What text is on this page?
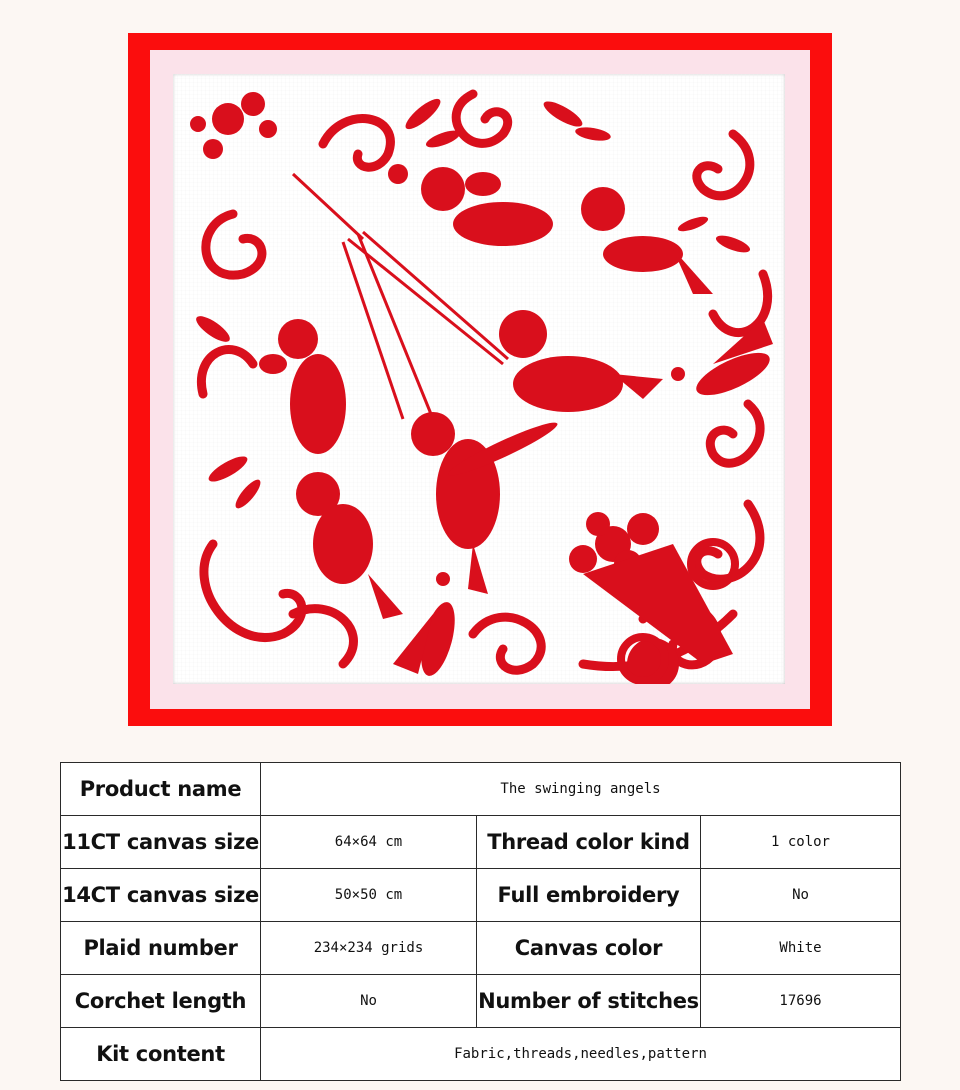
Product name	The swinging angels		
11CT canvas size	64×64 cm	Thread color kind	1 color
14CT canvas size	50×50 cm	Full embroidery	No
Plaid number	234×234 grids	Canvas color	White
Corchet length	No	Number of stitches	17696
Kit content	Fabric,threads,needles,pattern		
